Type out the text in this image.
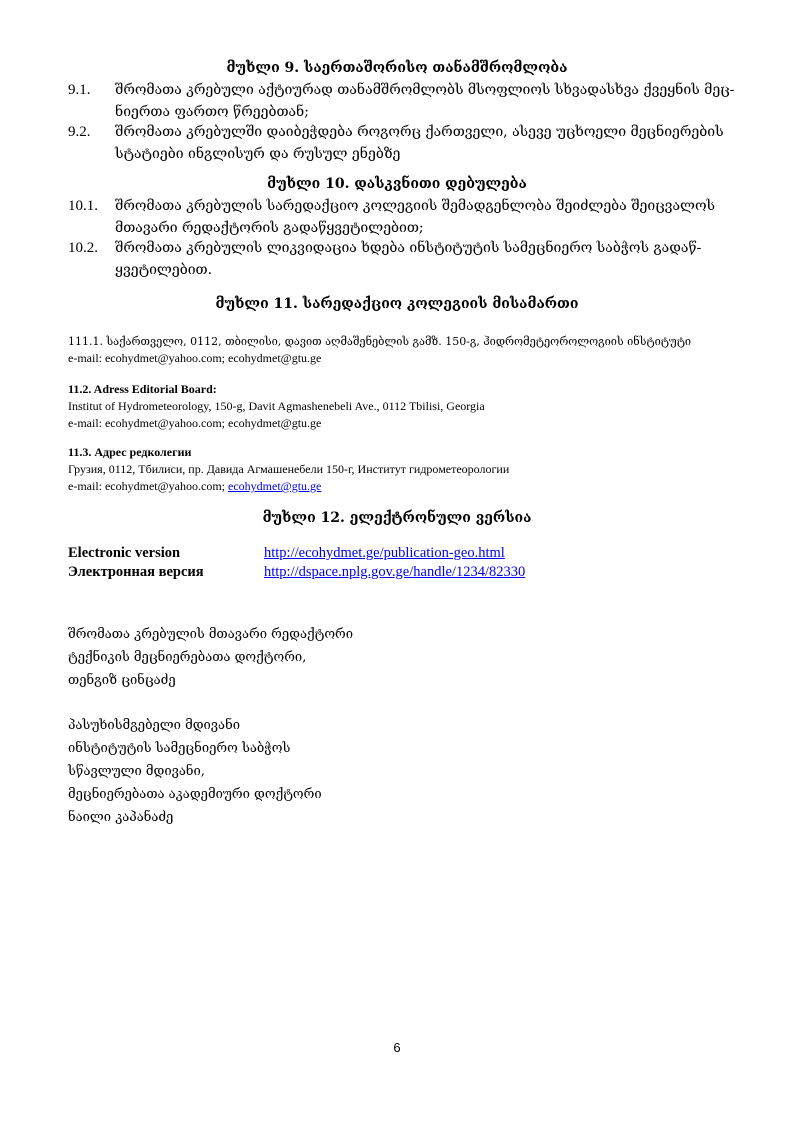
მუხლი 9. საერთაშორისო თანამშრომლობა
9.1.	შრომათა კრებული აქტიურად თანამშრომლობს მსოფლიოს სხვადასხვა ქვეყნის მეც-
ნიერთა ფართო წრეებთან;
9.2.	შრომათა კრებულში დაიბეჭდება როგორც ქართველი, ასევე უცხოელი მეცნიერების
სტატიები ინგლისურ და რუსულ ენებზე
მუხლი 10. დასკვნითი დებულება
10.1.	შრომათა კრებულის სარედაქციო კოლეგიის შემადგენლობა შეიძლება შეიცვალოს
მთავარი რედაქტორის გადაწყვეტილებით;
10.2.	შრომათა კრებულის ლიკვიდაცია ხდება ინსტიტუტის სამეცნიერო საბჭოს გადაწ-
ყვეტილებით.
მუხლი 11. სარედაქციო კოლეგიის მისამართი
111.1. საქართველო, 0112, თბილისი, დავით აღმაშენებლის გამზ. 150-გ, ჰიდრომეტეოროლოგიის ინსტიტუტი
e-mail: ecohydmet@yahoo.com; ecohydmet@gtu.ge
11.2. Adress Editorial Board:
Institut of Hydrometeorology, 150-g, Davit Agmashenebeli Ave., 0112 Tbilisi, Georgia
e-mail: ecohydmet@yahoo.com; ecohydmet@gtu.ge
11.3. Адрес редколегии
Грузия, 0112, Тбилиси, пр. Давида Агмашенебели 150-г, Институт гидрометеорологии
e-mail: ecohydmet@yahoo.com; ecohydmet@gtu.ge
მუხლი 12. ელექტრონული ვერსია
Electronic version	http://ecohydmet.ge/publication-geo.html
Электронная версия	http://dspace.nplg.gov.ge/handle/1234/82330
შრომათა კრებულის მთავარი რედაქტორი
ტექნიკის მეცნიერებათა დოქტორი,
თენგიზ ცინცაძე
პასუხისმგებელი მდივანი
ინსტიტუტის სამეცნიერო საბჭოს
სწავლული მდივანი,
მეცნიერებათა აკადემიური დოქტორი
ნაილი კაპანაძე
6
